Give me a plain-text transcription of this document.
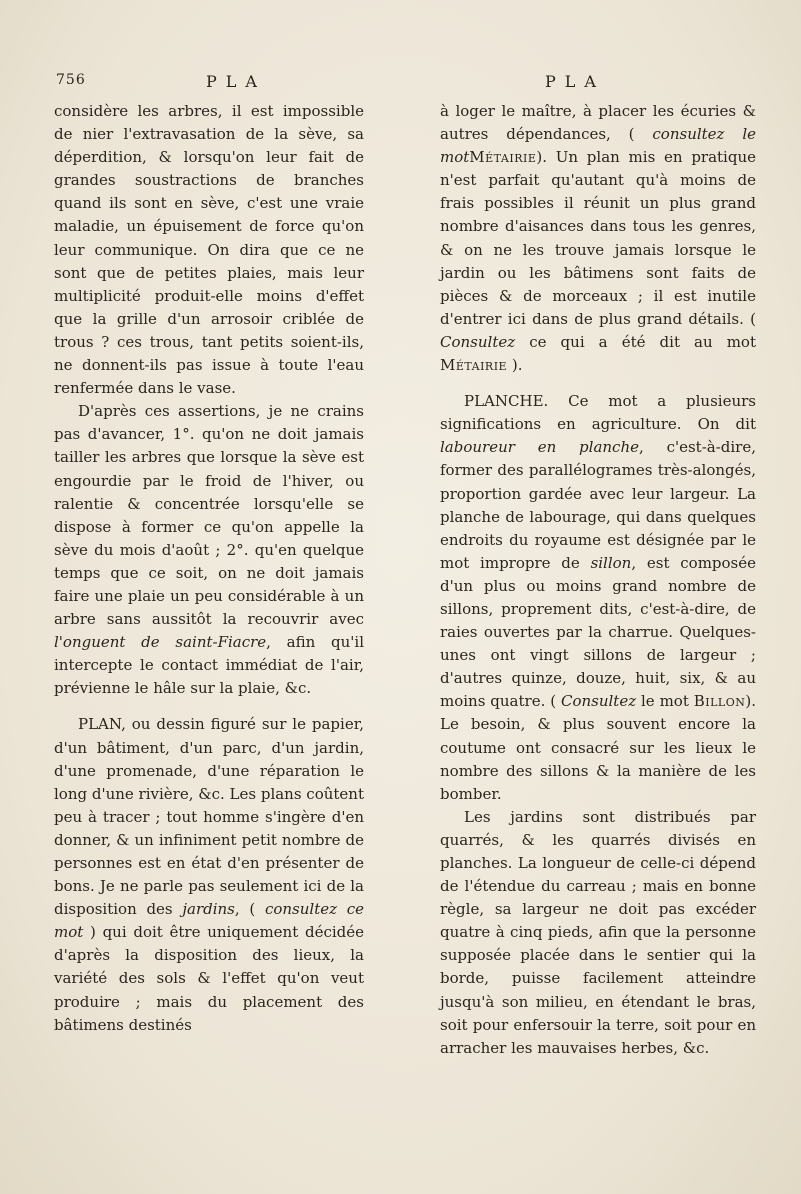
756	PLA	PLA

considère les arbres, il est impossible de nier l'extravasation de la sève, sa déperdition, & lorsqu'on leur fait de grandes soustractions de branches quand ils sont en sève, c'est une vraie maladie, un épuisement de force qu'on leur communique. On dira que ce ne sont que de petites plaies, mais leur multiplicité produit-elle moins d'effet que la grille d'un arrosoir criblée de trous ? ces trous, tant petits soient-ils, ne donnent-ils pas issue à toute l'eau renfermée dans le vase.

D'après ces assertions, je ne crains pas d'avancer, 1°. qu'on ne doit jamais tailler les arbres que lorsque la sève est engourdie par le froid de l'hiver, ou ralentie & concentrée lorsqu'elle se dispose à former ce qu'on appelle la sève du mois d'août ; 2°. qu'en quelque temps que ce soit, on ne doit jamais faire une plaie un peu considérable à un arbre sans aussitôt la recouvrir avec l'onguent de saint-Fiacre, afin qu'il intercepte le contact immédiat de l'air, prévienne le hâle sur la plaie, &c.

PLAN, ou dessin figuré sur le papier, d'un bâtiment, d'un parc, d'un jardin, d'une promenade, d'une réparation le long d'une rivière, &c. Les plans coûtent peu à tracer ; tout homme s'ingère d'en donner, & un infiniment petit nombre de personnes est en état d'en présenter de bons. Je ne parle pas seulement ici de la disposition des jardins, ( consultez ce mot ) qui doit être uniquement décidée d'après la disposition des lieux, la variété des sols & l'effet qu'on veut produire ; mais du placement des bâtimens destinés

à loger le maître, à placer les écuries & autres dépendances, ( consultez le motMétairie). Un plan mis en pratique n'est parfait qu'autant qu'à moins de frais possibles il réunit un plus grand nombre d'aisances dans tous les genres, & on ne les trouve jamais lorsque le jardin ou les bâtimens sont faits de pièces & de morceaux ; il est inutile d'entrer ici dans de plus grand détails. ( Consultez ce qui a été dit au mot Métairie ).

PLANCHE. Ce mot a plusieurs significations en agriculture. On dit laboureur en planche, c'est-à-dire, former des parallélogrames très-alongés, proportion gardée avec leur largeur. La planche de labourage, qui dans quelques endroits du royaume est désignée par le mot impropre de sillon, est composée d'un plus ou moins grand nombre de sillons, proprement dits, c'est-à-dire, de raies ouvertes par la charrue. Quelques-unes ont vingt sillons de largeur ; d'autres quinze, douze, huit, six, & au moins quatre. ( Consultez le mot Billon). Le besoin, & plus souvent encore la coutume ont consacré sur les lieux le nombre des sillons & la manière de les bomber.

Les jardins sont distribués par quarrés, & les quarrés divisés en planches. La longueur de celle-ci dépend de l'étendue du carreau ; mais en bonne règle, sa largeur ne doit pas excéder quatre à cinq pieds, afin que la personne supposée placée dans le sentier qui la borde, puisse facilement atteindre jusqu'à son milieu, en étendant le bras, soit pour enfersouir la terre, soit pour en arracher les mauvaises herbes, &c.
